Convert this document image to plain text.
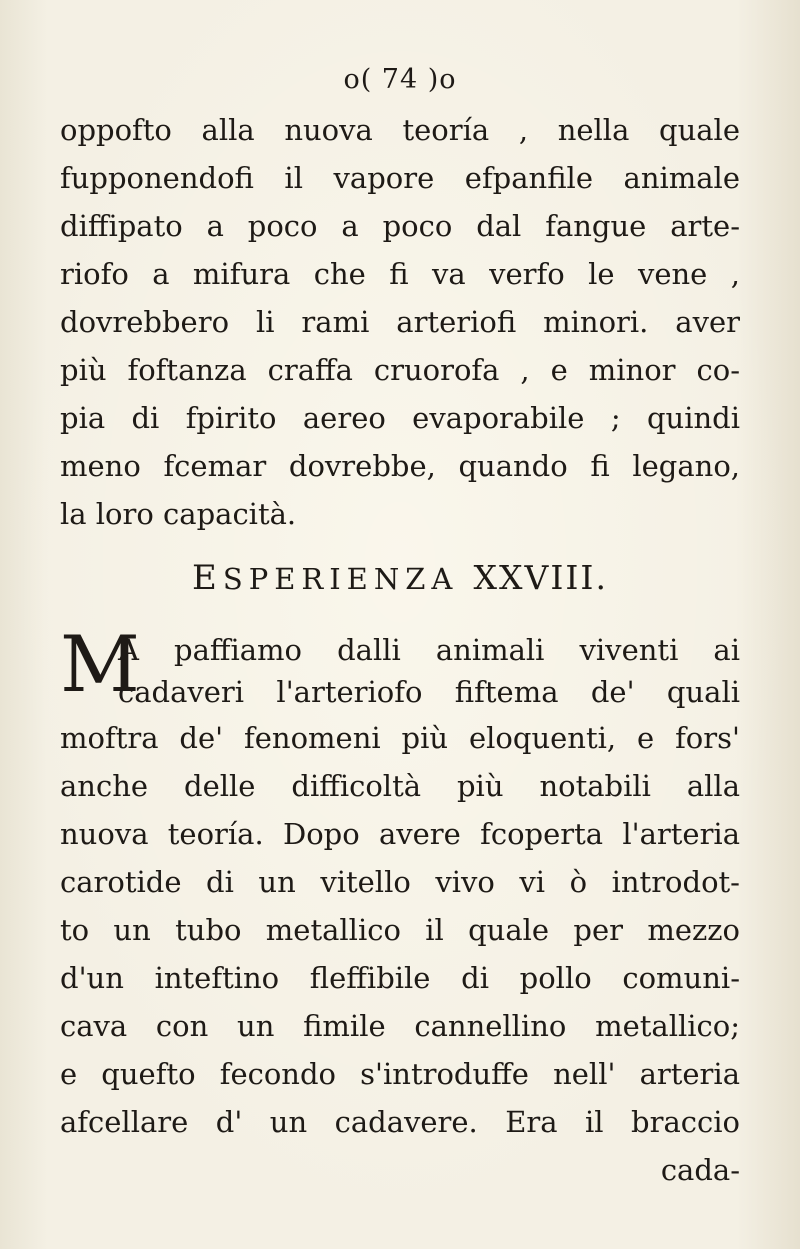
o( 74 )o
oppofto alla nuova teoría , nella quale
fupponendofi il vapore efpanfile animale
diffipato a poco a poco dal fangue arte-
riofo a mifura che fi va verfo le vene ,
dovrebbero li rami arteriofi minori. aver
più foftanza craffa cruorofa , e minor co-
pia di fpirito aereo evaporabile ; quindi
meno fcemar dovrebbe, quando fi legano,
la loro capacità.
ESPERIENZA XXVIII.
M
A paffiamo dalli animali viventi ai
cadaveri l'arteriofo fiftema de' quali
moftra de' fenomeni più eloquenti, e fors'
anche delle difficoltà più notabili alla
nuova teoría. Dopo avere fcoperta l'arteria
carotide di un vitello vivo vi ò introdot-
to un tubo metallico il quale per mezzo
d'un inteftino fleffibile di pollo comuni-
cava con un fimile cannellino metallico;
e quefto fecondo s'introduffe nell' arteria
afcellare d' un cadavere. Era il braccio
cada-
